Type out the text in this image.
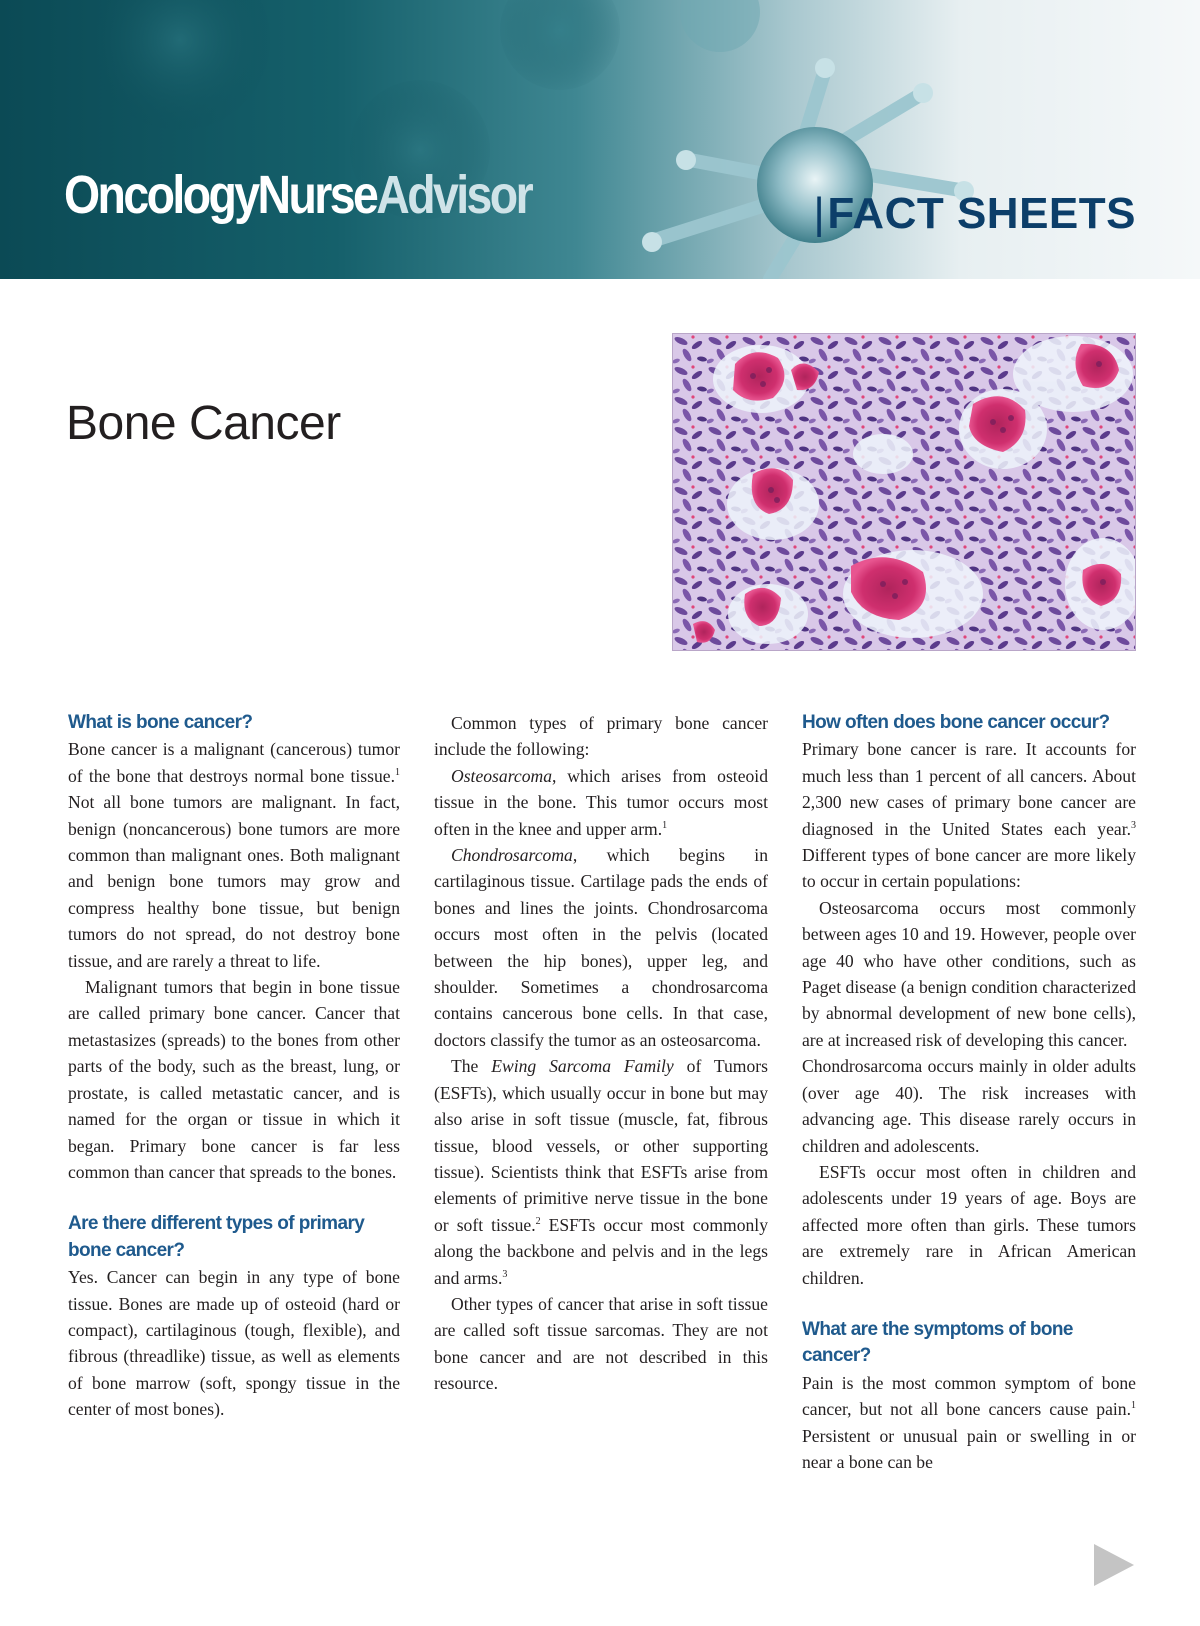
OncologyNurseAdvisor	|FACT SHEETS
Bone Cancer
What is bone cancer?

Bone cancer is a malignant (cancerous) tumor of the bone that destroys normal bone tissue.$^1$ Not all bone tumors are malignant. In fact, benign (noncancerous) bone tumors are more common than malignant ones. Both malignant and benign bone tumors may grow and compress healthy bone tissue, but benign tumors do not spread, do not destroy bone tissue, and are rarely a threat to life.

Malignant tumors that begin in bone tissue are called primary bone cancer. Cancer that metastasizes (spreads) to the bones from other parts of the body, such as the breast, lung, or prostate, is called metastatic cancer, and is named for the organ or tissue in which it began. Primary bone cancer is far less common than cancer that spreads to the bones.

Are there different types of primary bone cancer?

Yes. Cancer can begin in any type of bone tissue. Bones are made up of osteoid (hard or compact), cartilaginous (tough, flexible), and fibrous (threadlike) tissue, as well as elements of bone marrow (soft, spongy tissue in the center of most bones).

Common types of primary bone cancer include the following:

Osteosarcoma, which arises from osteoid tissue in the bone. This tumor occurs most often in the knee and upper arm.$^1$

Chondrosarcoma, which begins in cartilaginous tissue. Cartilage pads the ends of bones and lines the joints. Chondrosarcoma occurs most often in the pelvis (located between the hip bones), upper leg, and shoulder. Sometimes a chondrosarcoma contains cancerous bone cells. In that case, doctors classify the tumor as an osteosarcoma.

The Ewing Sarcoma Family of Tumors (ESFTs), which usually occur in bone but may also arise in soft tissue (muscle, fat, fibrous tissue, blood vessels, or other supporting tissue). Scientists think that ESFTs arise from elements of primitive nerve tissue in the bone or soft tissue.$^2$ ESFTs occur most commonly along the backbone and pelvis and in the legs and arms.$^3$

Other types of cancer that arise in soft tissue are called soft tissue sarcomas. They are not bone cancer and are not described in this resource.

How often does bone cancer occur?

Primary bone cancer is rare. It accounts for much less than 1 percent of all cancers. About 2,300 new cases of primary bone cancer are diagnosed in the United States each year.$^3$ Different types of bone cancer are more likely to occur in certain populations:

Osteosarcoma occurs most commonly between ages 10 and 19. However, people over age 40 who have other conditions, such as Paget disease (a benign condition characterized by abnormal development of new bone cells), are at increased risk of developing this cancer.

Chondrosarcoma occurs mainly in older adults (over age 40). The risk increases with advancing age. This disease rarely occurs in children and adolescents.

ESFTs occur most often in children and adolescents under 19 years of age. Boys are affected more often than girls. These tumors are extremely rare in African American children.

What are the symptoms of bone cancer?

Pain is the most common symptom of bone cancer, but not all bone cancers cause pain.$^1$ Persistent or unusual pain or swelling in or near a bone can be
